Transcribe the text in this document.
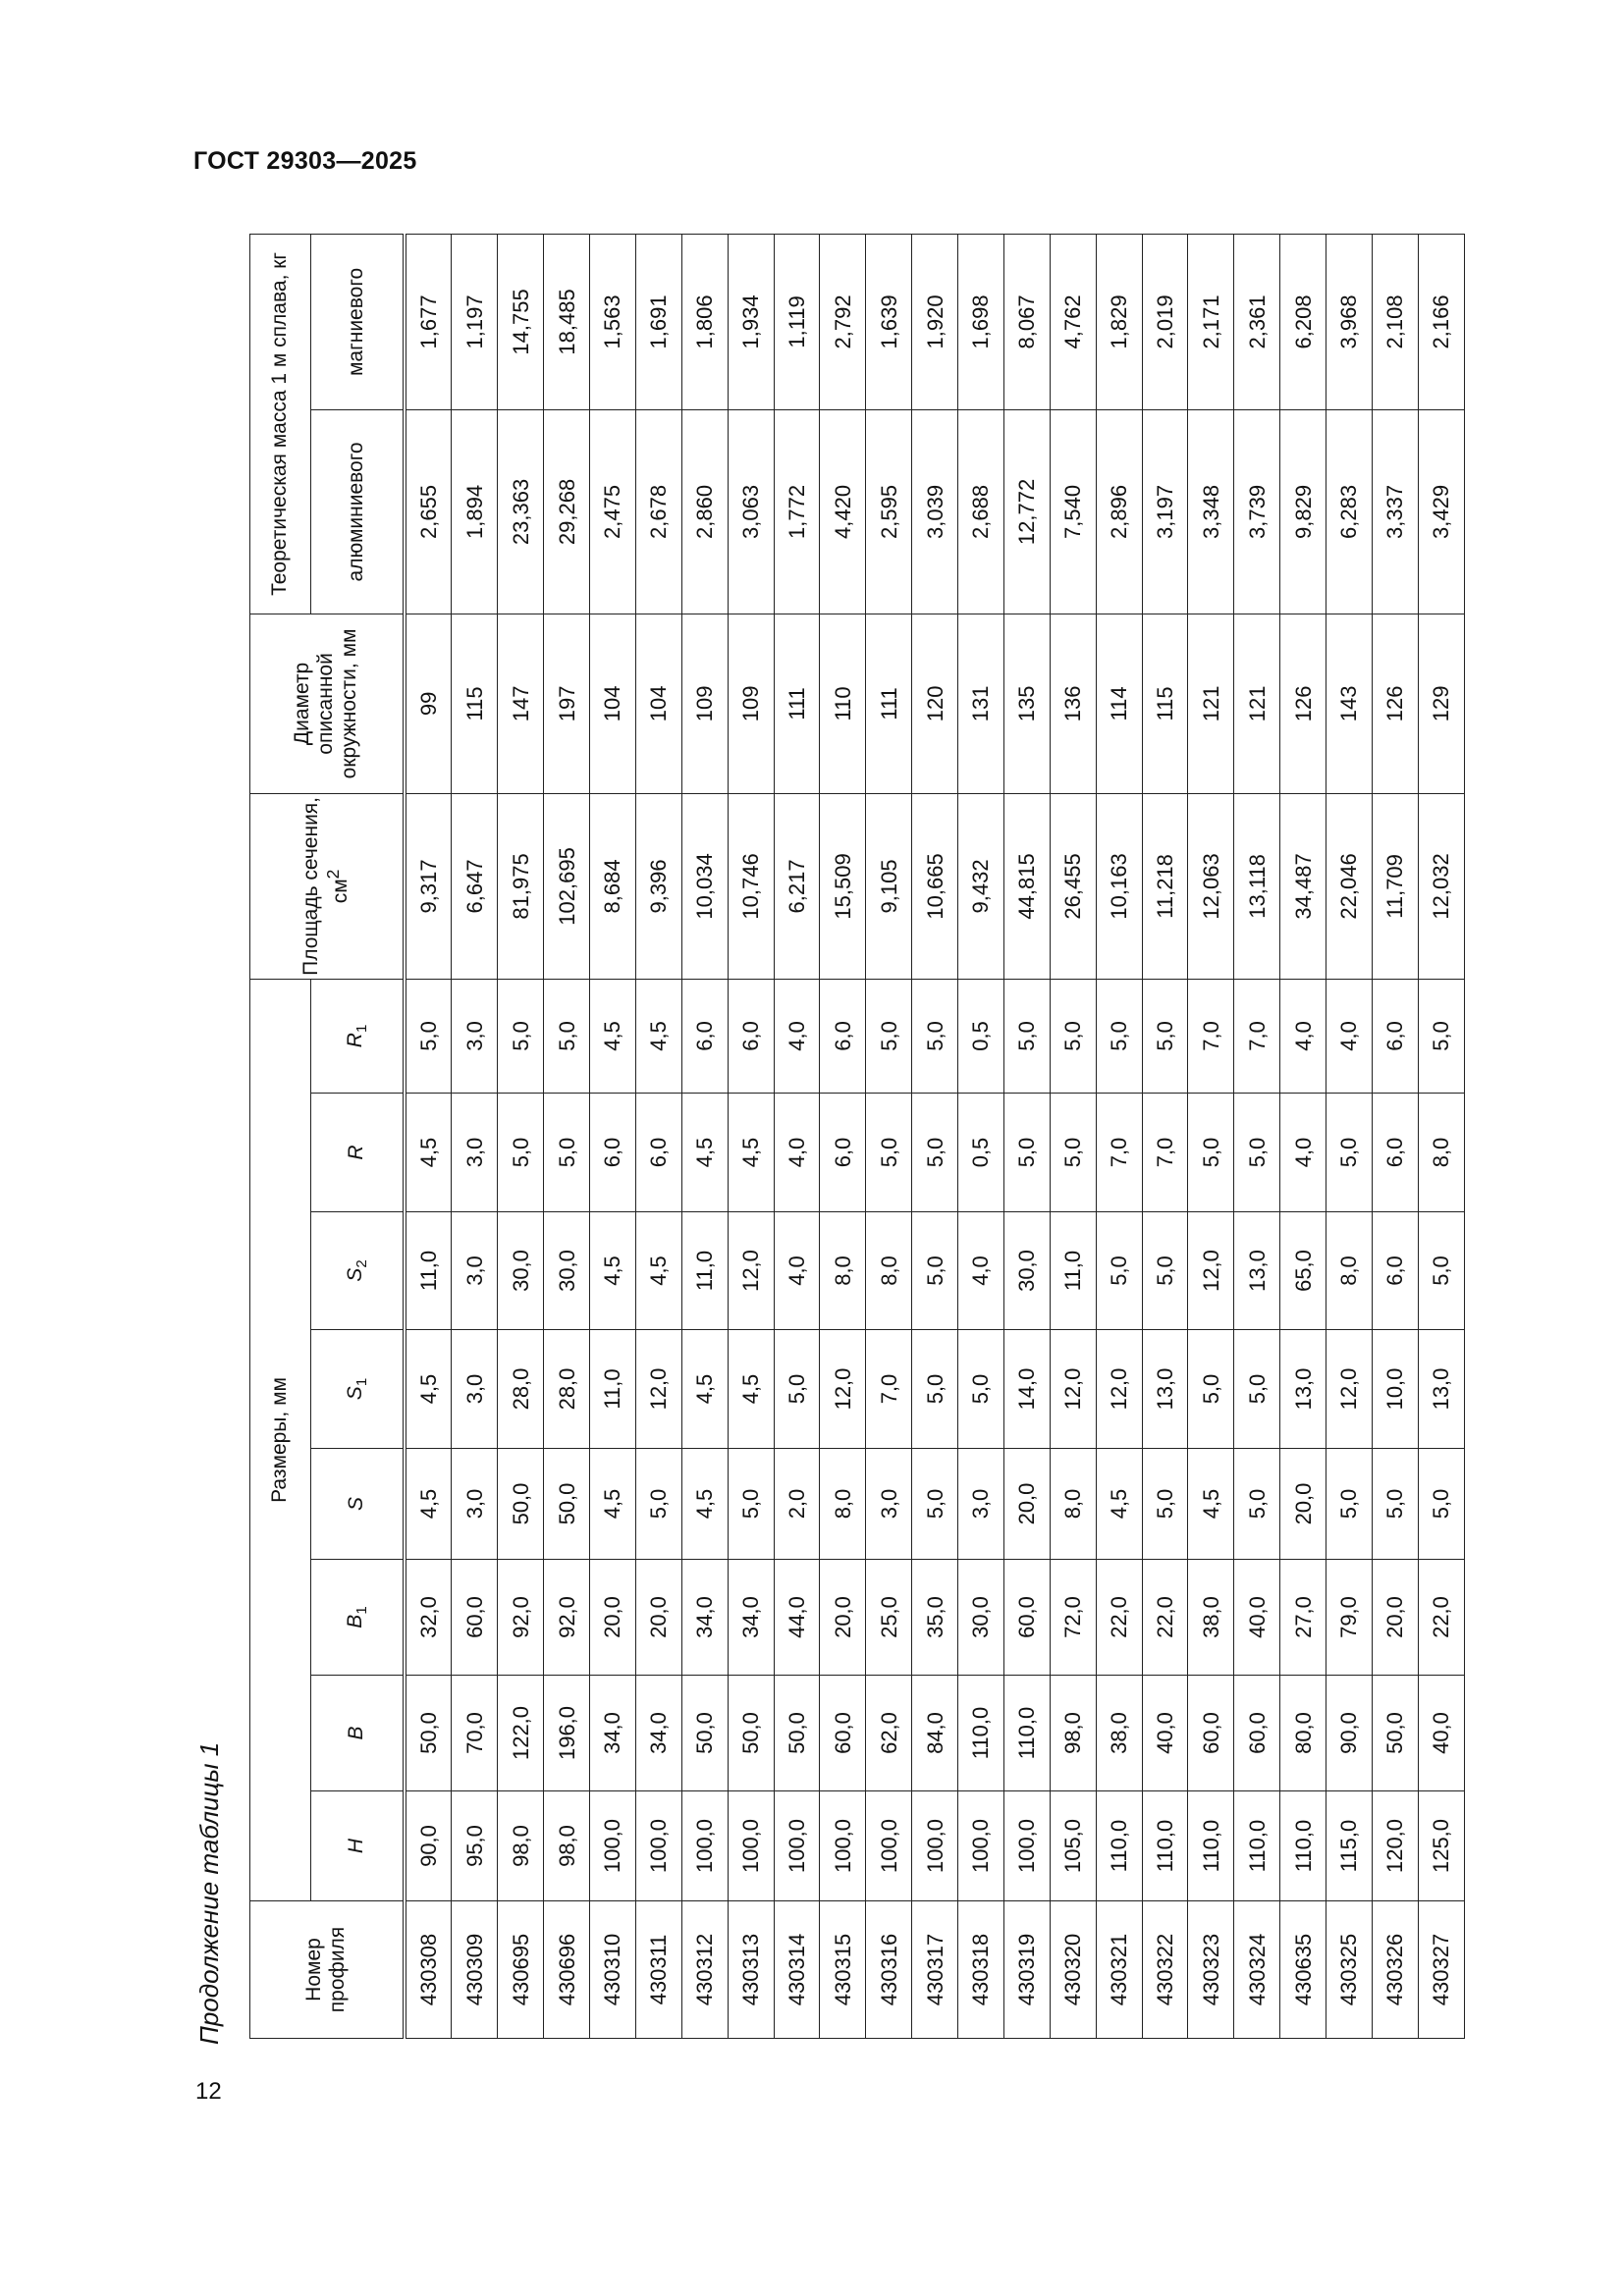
ГОСТ 29303—2025
Продолжение таблицы 1
12
Номер профиля	Размеры, мм								Площадь сечения, $см^2$	Диаметр описанной окружности, мм	Теоретическая масса 1 м сплава, кг	
	H	B	$B_1$	S	$S_1$	$S_2$	R	$R_1$			алюминиевого	магниевого
430308	90,0	50,0	32,0	4,5	4,5	11,0	4,5	5,0	9,317	99	2,655	1,677
430309	95,0	70,0	60,0	3,0	3,0	3,0	3,0	3,0	6,647	115	1,894	1,197
430695	98,0	122,0	92,0	50,0	28,0	30,0	5,0	5,0	81,975	147	23,363	14,755
430696	98,0	196,0	92,0	50,0	28,0	30,0	5,0	5,0	102,695	197	29,268	18,485
430310	100,0	34,0	20,0	4,5	11,0	4,5	6,0	4,5	8,684	104	2,475	1,563
430311	100,0	34,0	20,0	5,0	12,0	4,5	6,0	4,5	9,396	104	2,678	1,691
430312	100,0	50,0	34,0	4,5	4,5	11,0	4,5	6,0	10,034	109	2,860	1,806
430313	100,0	50,0	34,0	5,0	4,5	12,0	4,5	6,0	10,746	109	3,063	1,934
430314	100,0	50,0	44,0	2,0	5,0	4,0	4,0	4,0	6,217	111	1,772	1,119
430315	100,0	60,0	20,0	8,0	12,0	8,0	6,0	6,0	15,509	110	4,420	2,792
430316	100,0	62,0	25,0	3,0	7,0	8,0	5,0	5,0	9,105	111	2,595	1,639
430317	100,0	84,0	35,0	5,0	5,0	5,0	5,0	5,0	10,665	120	3,039	1,920
430318	100,0	110,0	30,0	3,0	5,0	4,0	0,5	0,5	9,432	131	2,688	1,698
430319	100,0	110,0	60,0	20,0	14,0	30,0	5,0	5,0	44,815	135	12,772	8,067
430320	105,0	98,0	72,0	8,0	12,0	11,0	5,0	5,0	26,455	136	7,540	4,762
430321	110,0	38,0	22,0	4,5	12,0	5,0	7,0	5,0	10,163	114	2,896	1,829
430322	110,0	40,0	22,0	5,0	13,0	5,0	7,0	5,0	11,218	115	3,197	2,019
430323	110,0	60,0	38,0	4,5	5,0	12,0	5,0	7,0	12,063	121	3,348	2,171
430324	110,0	60,0	40,0	5,0	5,0	13,0	5,0	7,0	13,118	121	3,739	2,361
430635	110,0	80,0	27,0	20,0	13,0	65,0	4,0	4,0	34,487	126	9,829	6,208
430325	115,0	90,0	79,0	5,0	12,0	8,0	5,0	4,0	22,046	143	6,283	3,968
430326	120,0	50,0	20,0	5,0	10,0	6,0	6,0	6,0	11,709	126	3,337	2,108
430327	125,0	40,0	22,0	5,0	13,0	5,0	8,0	5,0	12,032	129	3,429	2,166
